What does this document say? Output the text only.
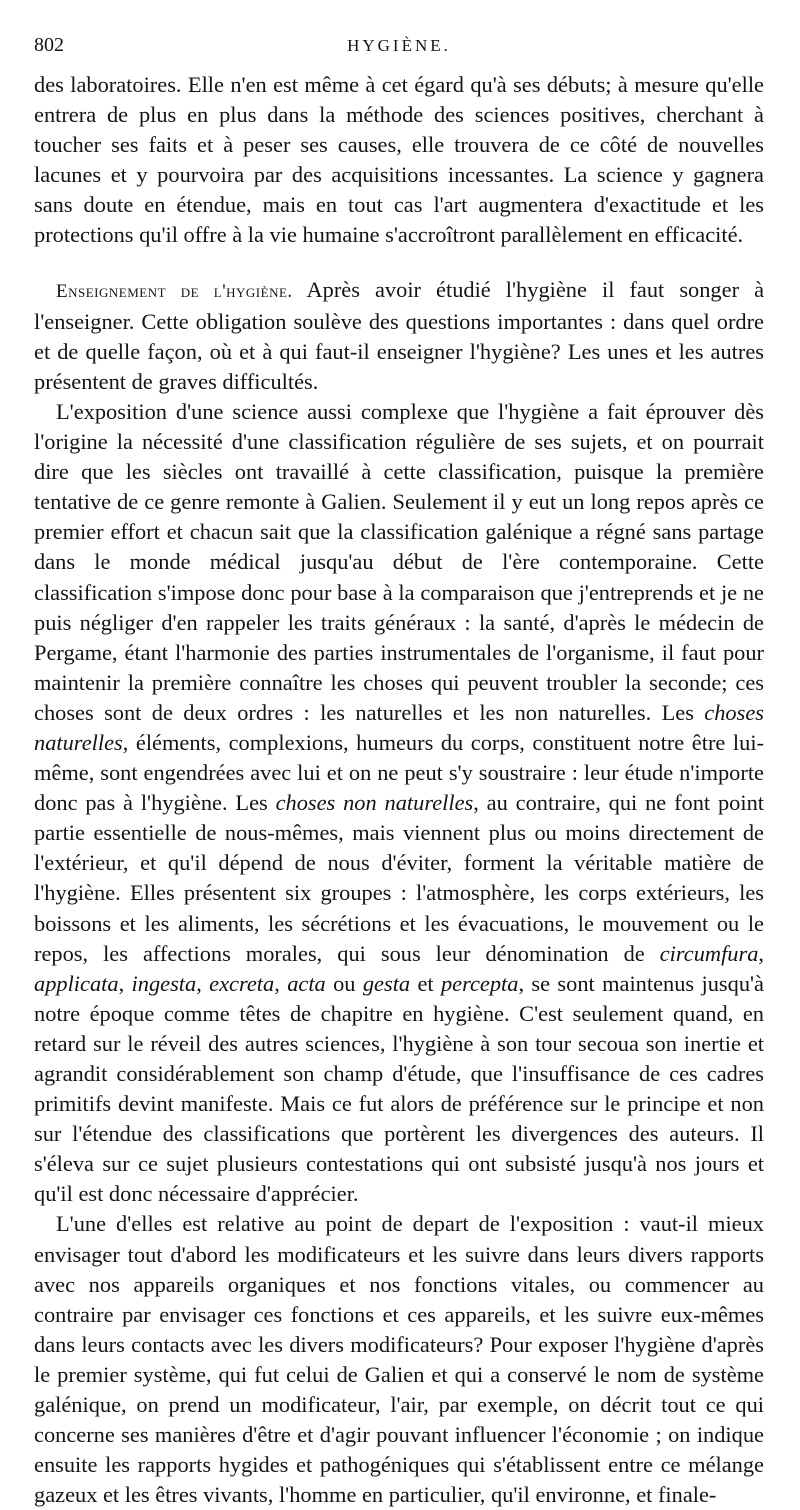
802	HYGIÈNE.

des laboratoires. Elle n'en est même à cet égard qu'à ses débuts; à mesure qu'elle entrera de plus en plus dans la méthode des sciences positives, cherchant à toucher ses faits et à peser ses causes, elle trouvera de ce côté de nouvelles lacunes et y pourvoira par des acquisitions incessantes. La science y gagnera sans doute en étendue, mais en tout cas l'art augmentera d'exactitude et les protections qu'il offre à la vie humaine s'accroîtront parallèlement en efficacité.

Enseignement de l'hygiène. Après avoir étudié l'hygiène il faut songer à l'enseigner. Cette obligation soulève des questions importantes : dans quel ordre et de quelle façon, où et à qui faut-il enseigner l'hygiène? Les unes et les autres présentent de graves difficultés.

L'exposition d'une science aussi complexe que l'hygiène a fait éprouver dès l'origine la nécessité d'une classification régulière de ses sujets, et on pourrait dire que les siècles ont travaillé à cette classification, puisque la première tentative de ce genre remonte à Galien. Seulement il y eut un long repos après ce premier effort et chacun sait que la classification galénique a régné sans partage dans le monde médical jusqu'au début de l'ère contemporaine. Cette classification s'impose donc pour base à la comparaison que j'entreprends et je ne puis négliger d'en rappeler les traits généraux : la santé, d'après le médecin de Pergame, étant l'harmonie des parties instrumentales de l'organisme, il faut pour maintenir la première connaître les choses qui peuvent troubler la seconde; ces choses sont de deux ordres : les naturelles et les non naturelles. Les choses naturelles, éléments, complexions, humeurs du corps, constituent notre être lui-même, sont engendrées avec lui et on ne peut s'y soustraire : leur étude n'importe donc pas à l'hygiène. Les choses non naturelles, au contraire, qui ne font point partie essentielle de nous-mêmes, mais viennent plus ou moins directement de l'extérieur, et qu'il dépend de nous d'éviter, forment la véritable matière de l'hygiène. Elles présentent six groupes : l'atmosphère, les corps extérieurs, les boissons et les aliments, les sécrétions et les évacuations, le mouvement ou le repos, les affections morales, qui sous leur dénomination de circumfura, applicata, ingesta, excreta, acta ou gesta et percepta, se sont maintenus jusqu'à notre époque comme têtes de chapitre en hygiène. C'est seulement quand, en retard sur le réveil des autres sciences, l'hygiène à son tour secoua son inertie et agrandit considérablement son champ d'étude, que l'insuffisance de ces cadres primitifs devint manifeste. Mais ce fut alors de préférence sur le principe et non sur l'étendue des classifications que portèrent les divergences des auteurs. Il s'éleva sur ce sujet plusieurs contestations qui ont subsisté jusqu'à nos jours et qu'il est donc nécessaire d'apprécier.

L'une d'elles est relative au point de depart de l'exposition : vaut-il mieux envisager tout d'abord les modificateurs et les suivre dans leurs divers rapports avec nos appareils organiques et nos fonctions vitales, ou commencer au contraire par envisager ces fonctions et ces appareils, et les suivre eux-mêmes dans leurs contacts avec les divers modificateurs? Pour exposer l'hygiène d'après le premier système, qui fut celui de Galien et qui a conservé le nom de système galénique, on prend un modificateur, l'air, par exemple, on décrit tout ce qui concerne ses manières d'être et d'agir pouvant influencer l'économie ; on indique ensuite les rapports hygides et pathogéniques qui s'établissent entre ce mélange gazeux et les êtres vivants, l'homme en particulier, qu'il environne, et finale-
